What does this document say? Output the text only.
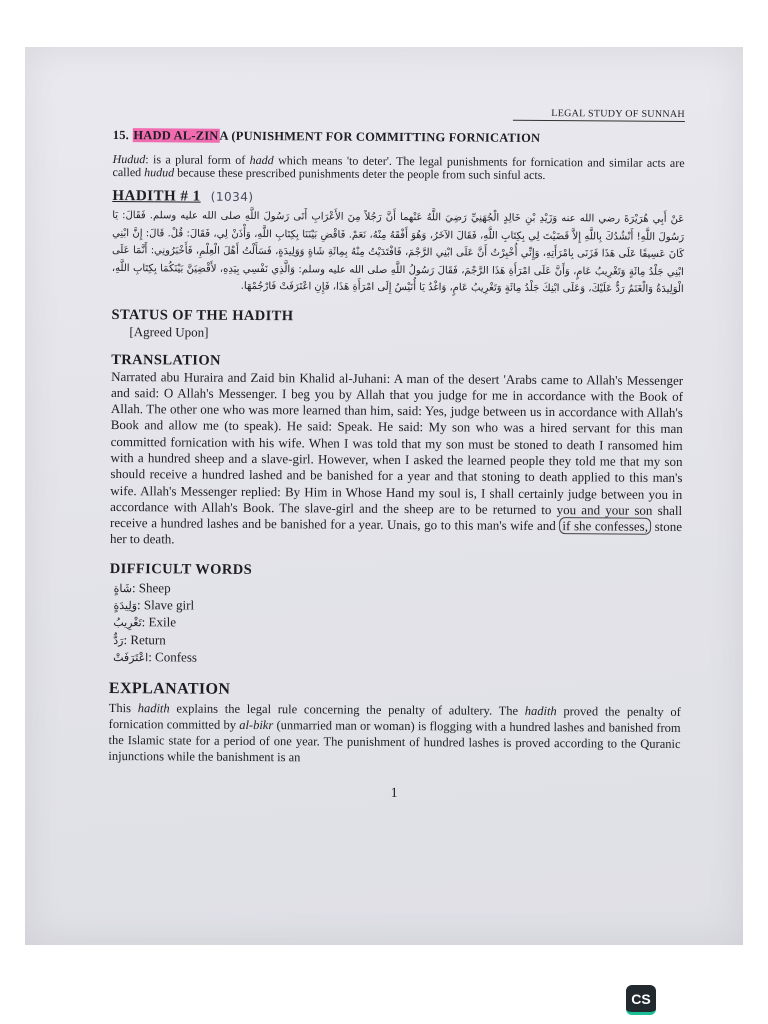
LEGAL STUDY OF SUNNAH
15. HADD AL-ZINA (PUNISHMENT FOR COMMITTING FORNICATION

Hudud: is a plural form of hadd which means 'to deter'. The legal punishments for fornication and similar acts are called hudud because these prescribed punishments deter the people from such sinful acts.

HADITH # 1 (1034)

عَنْ أَبِي هُرَيْرَةَ رضي الله عنه وَزَيْدِ بْنِ خَالِدٍ الْجُهَنِيِّ رَضِيَ اللَّهُ عَنْهما أَنَّ رَجُلاً مِنَ الأَعْرَابِ أَتَى رَسُولَ اللَّهِ صلى الله عليه وسلم. فَقَالَ: يَا رَسُولَ اللَّهِ! أَنْشُدُكَ بِاللَّهِ إِلاَّ قَضَيْتَ لِي بِكِتَابِ اللَّهِ، فَقَالَ الآخَرُ، وَهُوَ أَفْقَهُ مِنْهُ، نَعَمْ. فَاقْضِ بَيْنَنَا بِكِتَابِ اللَّهِ، وَأْذَنْ لِي، فَقَالَ: قُلْ. قَالَ: إِنَّ ابْنِي كَانَ عَسِيفًا عَلَى هَذَا فَزَنَى بِامْرَأَتِهِ، وَإِنِّي أُخْبِرْتُ أَنَّ عَلَى ابْنِي الرَّجْمَ، فَافْتَدَيْتُ مِنْهُ بِمِائَةِ شَاةٍ وَوَلِيدَةٍ، فَسَأَلْتُ أَهْلَ الْعِلْمِ، فَأَخْبَرُونِي: أَنَّمَا عَلَى ابْنِي جَلْدُ مِائَةٍ وَتَغْرِيبُ عَامٍ، وَأَنَّ عَلَى امْرَأَةِ هَذَا الرَّجْمَ، فَقَالَ رَسُولُ اللَّهِ صلى الله عليه وسلم: وَالَّذِي نَفْسِي بِيَدِهِ، لأَقْضِيَنَّ بَيْنَكُمَا بِكِتَابِ اللَّهِ، الْوَلِيدَةُ وَالْغَنَمُ رَدٌّ عَلَيْكَ، وَعَلَى ابْنِكَ جَلْدُ مِائَةٍ وَتَغْرِيبُ عَامٍ، وَاغْدُ يَا أُنَيْسُ إِلَى امْرَأَةِ هَذَا، فَإِنِ اعْتَرَفَتْ فَارْجُمْهَا.

STATUS OF THE HADITH
[Agreed Upon]
TRANSLATION

Narrated abu Huraira and Zaid bin Khalid al-Juhani: A man of the desert 'Arabs came to Allah's Messenger and said: O Allah's Messenger. I beg you by Allah that you judge for me in accordance with the Book of Allah. The other one who was more learned than him, said: Yes, judge between us in accordance with Allah's Book and allow me (to speak). He said: Speak. He said: My son who was a hired servant for this man committed fornication with his wife. When I was told that my son must be stoned to death I ransomed him with a hundred sheep and a slave-girl. However, when I asked the learned people they told me that my son should receive a hundred lashed and be banished for a year and that stoning to death applied to this man's wife. Allah's Messenger replied: By Him in Whose Hand my soul is, I shall certainly judge between you in accordance with Allah's Book. The slave-girl and the sheep are to be returned to you and your son shall receive a hundred lashes and be banished for a year. Unais, go to this man's wife and if she confesses, stone her to death.

DIFFICULT WORDS
شَاةٍ : Sheep
وَلِيدَةٍ : Slave girl
تَغْرِيبُ : Exile
رَدٌّ : Return
اعْتَرَفَتْ : Confess
EXPLANATION

This hadith explains the legal rule concerning the penalty of adultery. The hadith proved the penalty of fornication committed by al-bikr (unmarried man or woman) is flogging with a hundred lashes and banished from the Islamic state for a period of one year. The punishment of hundred lashes is proved according to the Quranic injunctions while the banishment is an

1
CS
